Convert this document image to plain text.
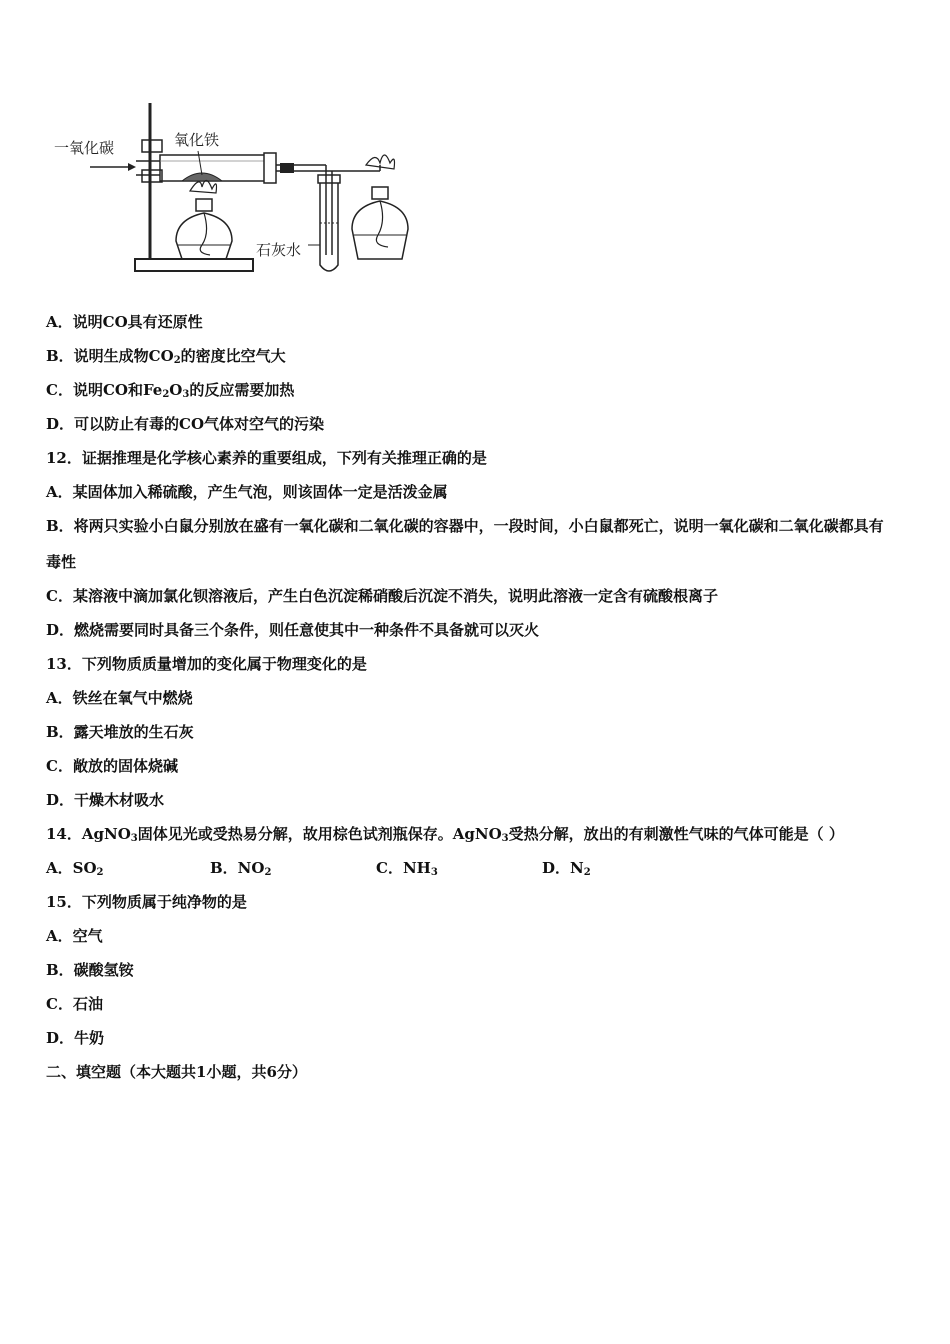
一氧化碳	氧化铁
石灰水
A．说明CO具有还原性
B．说明生成物$CO_2$的密度比空气大
C．说明CO和$Fe_2O_3$的反应需要加热
D．可以防止有毒的CO气体对空气的污染
12．证据推理是化学核心素养的重要组成，下列有关推理正确的是
A．某固体加入稀硫酸，产生气泡，则该固体一定是活泼金属
B．将两只实验小白鼠分别放在盛有一氧化碳和二氧化碳的容器中，一段时间，小白鼠都死亡，说明一氧化碳和二氧化碳都具有毒性
C．某溶液中滴加氯化钡溶液后，产生白色沉淀稀硝酸后沉淀不消失，说明此溶液一定含有硫酸根离子
D．燃烧需要同时具备三个条件，则任意使其中一种条件不具备就可以灭火
13．下列物质质量增加的变化属于物理变化的是
A．铁丝在氧气中燃烧
B．露天堆放的生石灰
C．敞放的固体烧碱
D．干燥木材吸水
14．AgNO$_3$固体见光或受热易分解，故用棕色试剂瓶保存。AgNO$_3$受热分解，放出的有刺激性气味的气体可能是（ ）
A．$SO_2$	B．$NO_2$	C．$NH_3$	D．$N_2$
15．下列物质属于纯净物的是
A．空气
B．碳酸氢铵
C．石油
D．牛奶
二、填空题（本大题共1小题，共6分）
